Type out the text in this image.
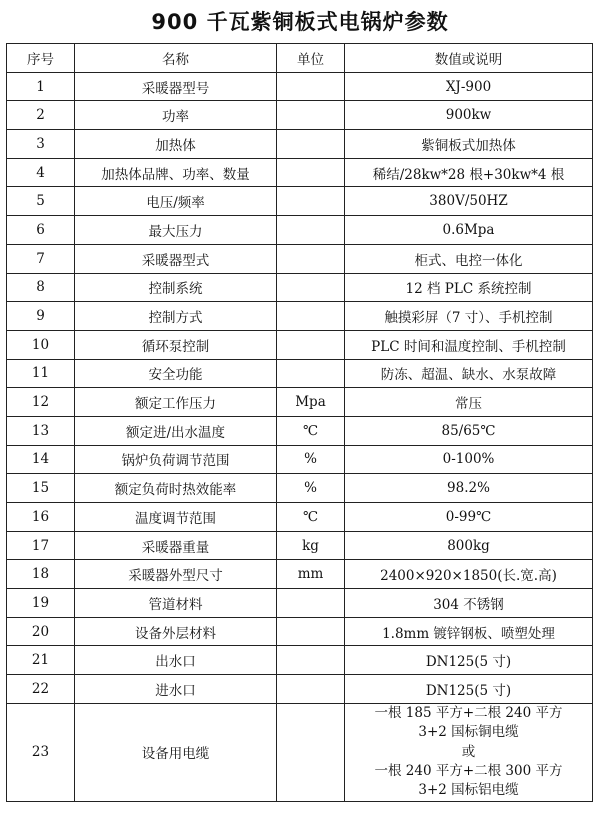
900 千瓦紫铜板式电锅炉参数
序号	名称	单位	数值或说明
1	采暖器型号		XJ-900
2	功率		900kw
3	加热体		紫铜板式加热体
4	加热体品牌、功率、数量		稀结/28kw*28 根+30kw*4 根
5	电压/频率		380V/50HZ
6	最大压力		0.6Mpa
7	采暖器型式		柜式、电控一体化
8	控制系统		12 档 PLC 系统控制
9	控制方式		触摸彩屏（7 寸）、手机控制
10	循环泵控制		PLC 时间和温度控制、手机控制
11	安全功能		防冻、超温、缺水、水泵故障
12	额定工作压力	Mpa	常压
13	额定进/出水温度	℃	85/65℃
14	锅炉负荷调节范围	%	0-100%
15	额定负荷时热效能率	%	98.2%
16	温度调节范围	℃	0-99℃
17	采暖器重量	kg	800kg
18	采暖器外型尺寸	mm	2400×920×1850(长.宽.高)
19	管道材料		304 不锈钢
20	设备外层材料		1.8mm 镀锌钢板、喷塑处理
21	出水口		DN125(5 寸)
22	进水口		DN125(5 寸)
23	设备用电缆		一根 185 平方+二根 240 平方
3+2 国标铜电缆
或
一根 240 平方+二根 300 平方
3+2 国标铝电缆
